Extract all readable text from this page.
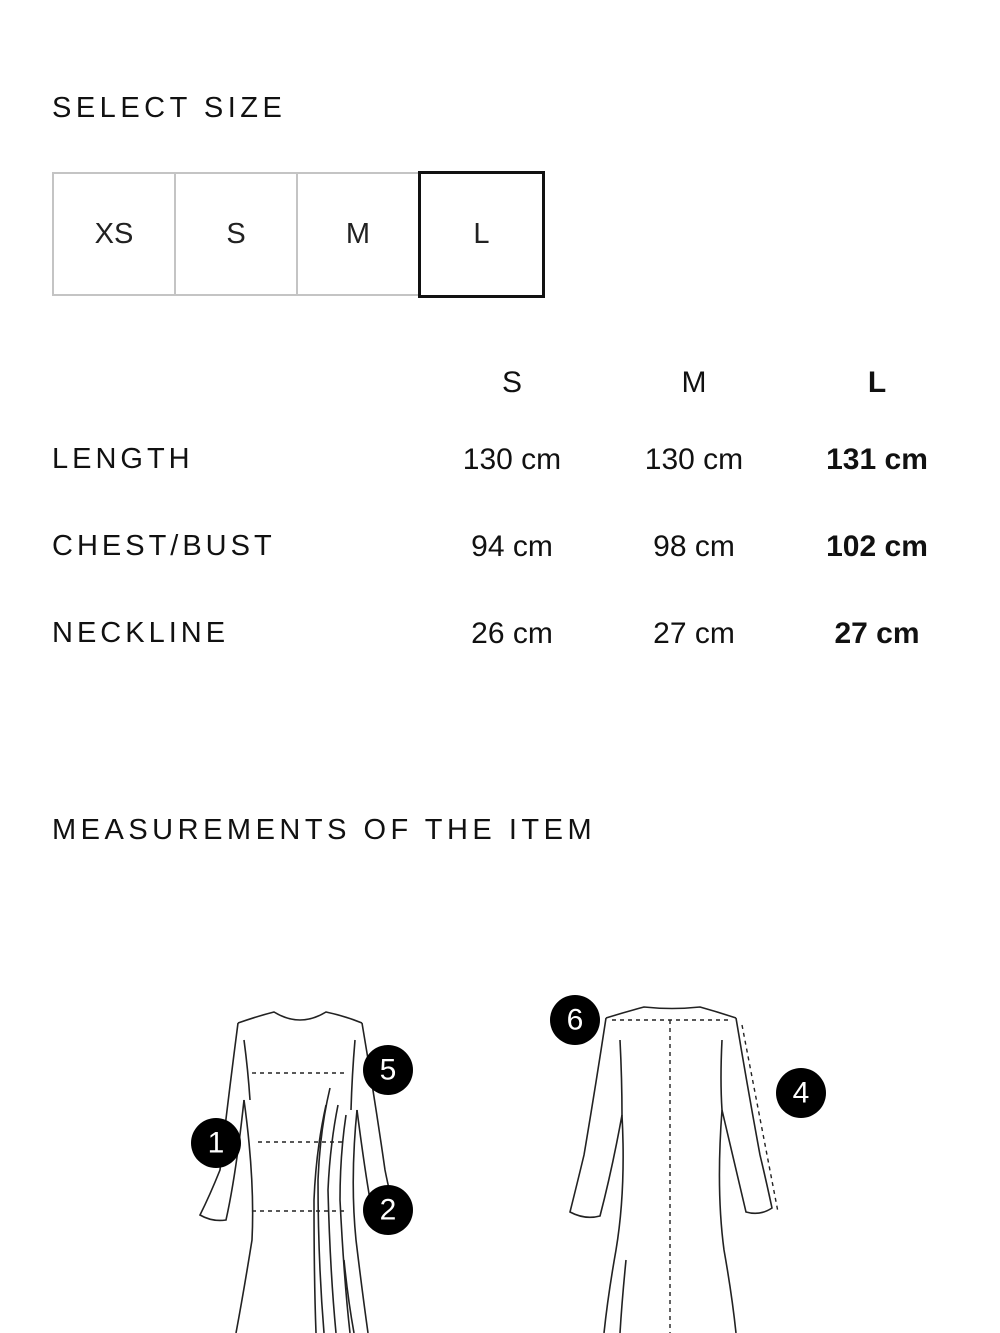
SELECT SIZE
XS	S	M	L
S	M	L
LENGTH	130 cm	130 cm	131 cm
CHEST/BUST	94 cm	98 cm	102 cm
NECKLINE	26 cm	27 cm	27 cm
MEASUREMENTS OF THE ITEM
1
2
4
5
6
